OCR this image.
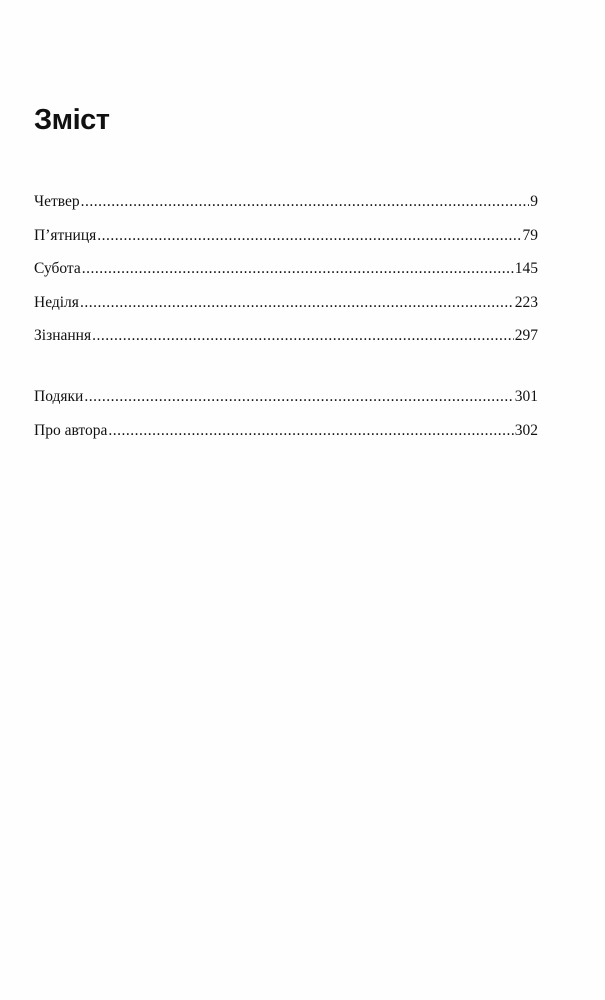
Зміст
Четвер .....	9
П’ятниця .....	79
Субота .....	145
Неділя .....	223
Зізнання .....	297
Подяки .....	301
Про автора .....	302
